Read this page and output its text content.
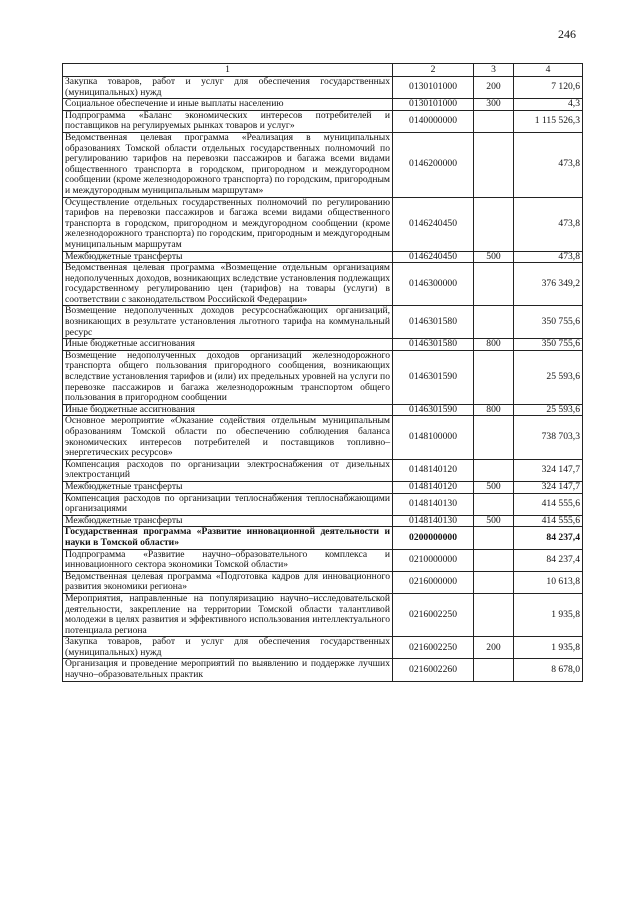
246
1	2	3	4
Закупка товаров, работ и услуг для обеспечения государственных (муниципальных) нужд	0130101000	200	7 120,6
Социальное обеспечение и иные выплаты населению	0130101000	300	4,3
Подпрограмма «Баланс экономических интересов потребителей и поставщиков на регулируемых рынках товаров и услуг»	0140000000		1 115 526,3
Ведомственная целевая программа «Реализация в муниципальных образованиях Томской области отдельных государственных полномочий по регулированию тарифов на перевозки пассажиров и багажа всеми видами общественного транспорта в городском, пригородном и междугородном сообщении (кроме железнодорожного транспорта) по городским, пригородным и междугородным муниципальным маршрутам»	0146200000		473,8
Осуществление отдельных государственных полномочий по регулированию тарифов на перевозки пассажиров и багажа всеми видами общественного транспорта в городском, пригородном и междугородном сообщении (кроме железнодорожного транспорта) по городским, пригородным и междугородным муниципальным маршрутам	0146240450		473,8
Межбюджетные трансферты	0146240450	500	473,8
Ведомственная целевая программа «Возмещение отдельным организациям недополученных доходов, возникающих вследствие установления подлежащих государственному регулированию цен (тарифов) на товары (услуги) в соответствии с законодательством Российской Федерации»	0146300000		376 349,2
Возмещение недополученных доходов ресурсоснабжающих организаций, возникающих в результате установления льготного тарифа на коммунальный ресурс	0146301580		350 755,6
Иные бюджетные ассигнования	0146301580	800	350 755,6
Возмещение недополученных доходов организаций железнодорожного транспорта общего пользования пригородного сообщения, возникающих вследствие установления тарифов и (или) их предельных уровней на услуги по перевозке пассажиров и багажа железнодорожным транспортом общего пользования в пригородном сообщении	0146301590		25 593,6
Иные бюджетные ассигнования	0146301590	800	25 593,6
Основное мероприятие «Оказание содействия отдельным муниципальным образованиям Томской области по обеспечению соблюдения баланса экономических интересов потребителей и поставщиков топливно–энергетических ресурсов»	0148100000		738 703,3
Компенсация расходов по организации электроснабжения от дизельных электростанций	0148140120		324 147,7
Межбюджетные трансферты	0148140120	500	324 147,7
Компенсация расходов по организации теплоснабжения теплоснабжающими организациями	0148140130		414 555,6
Межбюджетные трансферты	0148140130	500	414 555,6
Государственная программа «Развитие инновационной деятельности и науки в Томской области»	0200000000		84 237,4
Подпрограмма «Развитие научно–образовательного комплекса и инновационного сектора экономики Томской области»	0210000000		84 237,4
Ведомственная целевая программа «Подготовка кадров для инновационного развития экономики региона»	0216000000		10 613,8
Мероприятия, направленные на популяризацию научно–исследовательской деятельности, закрепление на территории Томской области талантливой молодежи в целях развития и эффективного использования интеллектуального потенциала региона	0216002250		1 935,8
Закупка товаров, работ и услуг для обеспечения государственных (муниципальных) нужд	0216002250	200	1 935,8
Организация и проведение мероприятий по выявлению и поддержке лучших научно–образовательных практик	0216002260		8 678,0
